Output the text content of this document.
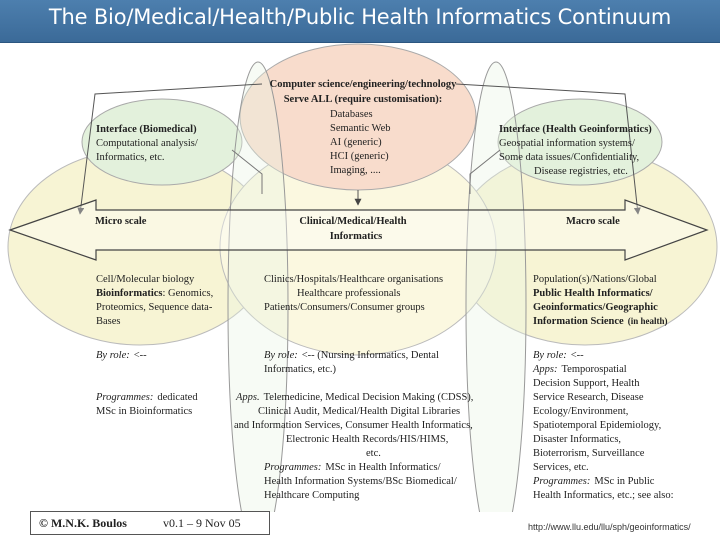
The Bio/Medical/Health/Public Health Informatics Continuum
Computer science/engineering/technology
Serve ALL (require customisation):
Databases
Semantic Web
AI (generic)
HCI (generic)
Imaging, ....
Interface (Biomedical)
Computational analysis/
Informatics, etc.
Interface (Health Geoinformatics)
Geospatial information systems/
Some data issues/Confidentiality,
Disease registries, etc.
Micro scale	Clinical/Medical/Health
Informatics
Macro scale
Cell/Molecular biology
Bioinformatics: Genomics,
Proteomics, Sequence data-
Bases
Clinics/Hospitals/Healthcare organisations
Healthcare professionals
Patients/Consumers/Consumer groups
Population(s)/Nations/Global
Public Health Informatics/
Geoinformatics/Geographic
Information Science (in health)
By role: <--
Programmes: dedicated
MSc in Bioinformatics
By role: <-- (Nursing Informatics, Dental
Informatics, etc.)
Apps. Telemedicine, Medical Decision Making (CDSS),
Clinical Audit, Medical/Health Digital Libraries
and Information Services, Consumer Health Informatics,
Electronic Health Records/HIS/HIMS,
etc.
Programmes: MSc in Health Informatics/
Health Information Systems/BSc Biomedical/
Healthcare Computing
By role: <--
Apps: Temporospatial
Decision Support, Health
Service Research, Disease
Ecology/Environment,
Spatiotemporal Epidemiology,
Disaster Informatics,
Bioterrorism, Surveillance
Services, etc.
Programmes: MSc in Public
Health Informatics, etc.; see also:
© M.N.K. Boulos	v0.1 – 9 Nov 05	http://www.llu.edu/llu/sph/geoinformatics/
